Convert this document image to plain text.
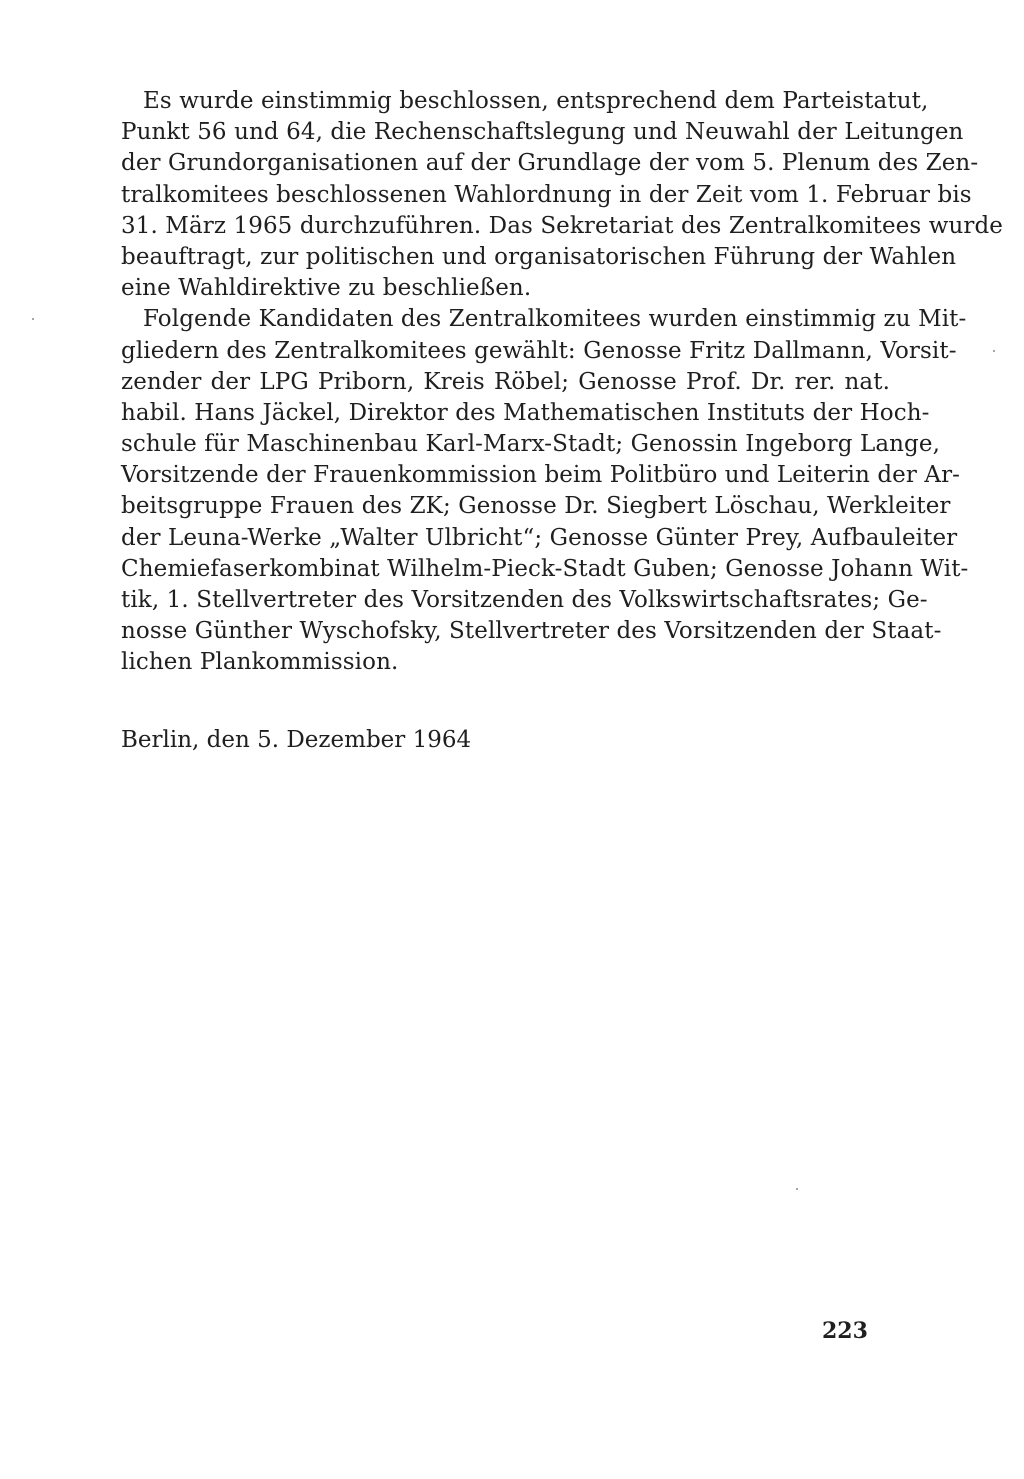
Es wurde einstimmig beschlossen, entsprechend dem Parteistatut,
Punkt 56 und 64, die Rechenschaftslegung und Neuwahl der Leitungen
der Grundorganisationen auf der Grundlage der vom 5. Plenum des Zen-
tralkomitees beschlossenen Wahlordnung in der Zeit vom 1. Februar bis
31. März 1965 durchzuführen. Das Sekretariat des Zentralkomitees wurde
beauftragt, zur politischen und organisatorischen Führung der Wahlen
eine Wahldirektive zu beschließen.
Folgende Kandidaten des Zentralkomitees wurden einstimmig zu Mit-
gliedern des Zentralkomitees gewählt: Genosse Fritz Dallmann, Vorsit-
zender der LPG Priborn, Kreis Röbel; Genosse Prof. Dr. rer. nat.
habil. Hans Jäckel, Direktor des Mathematischen Instituts der Hoch-
schule für Maschinenbau Karl-Marx-Stadt; Genossin Ingeborg Lange,
Vorsitzende der Frauenkommission beim Politbüro und Leiterin der Ar-
beitsgruppe Frauen des ZK; Genosse Dr. Siegbert Löschau, Werkleiter
der Leuna-Werke „Walter Ulbricht“; Genosse Günter Prey, Aufbauleiter
Chemiefaserkombinat Wilhelm-Pieck-Stadt Guben; Genosse Johann Wit-
tik, 1. Stellvertreter des Vorsitzenden des Volkswirtschaftsrates; Ge-
nosse Günther Wyschofsky, Stellvertreter des Vorsitzenden der Staat-
lichen Plankommission.
Berlin, den 5. Dezember 1964
223
